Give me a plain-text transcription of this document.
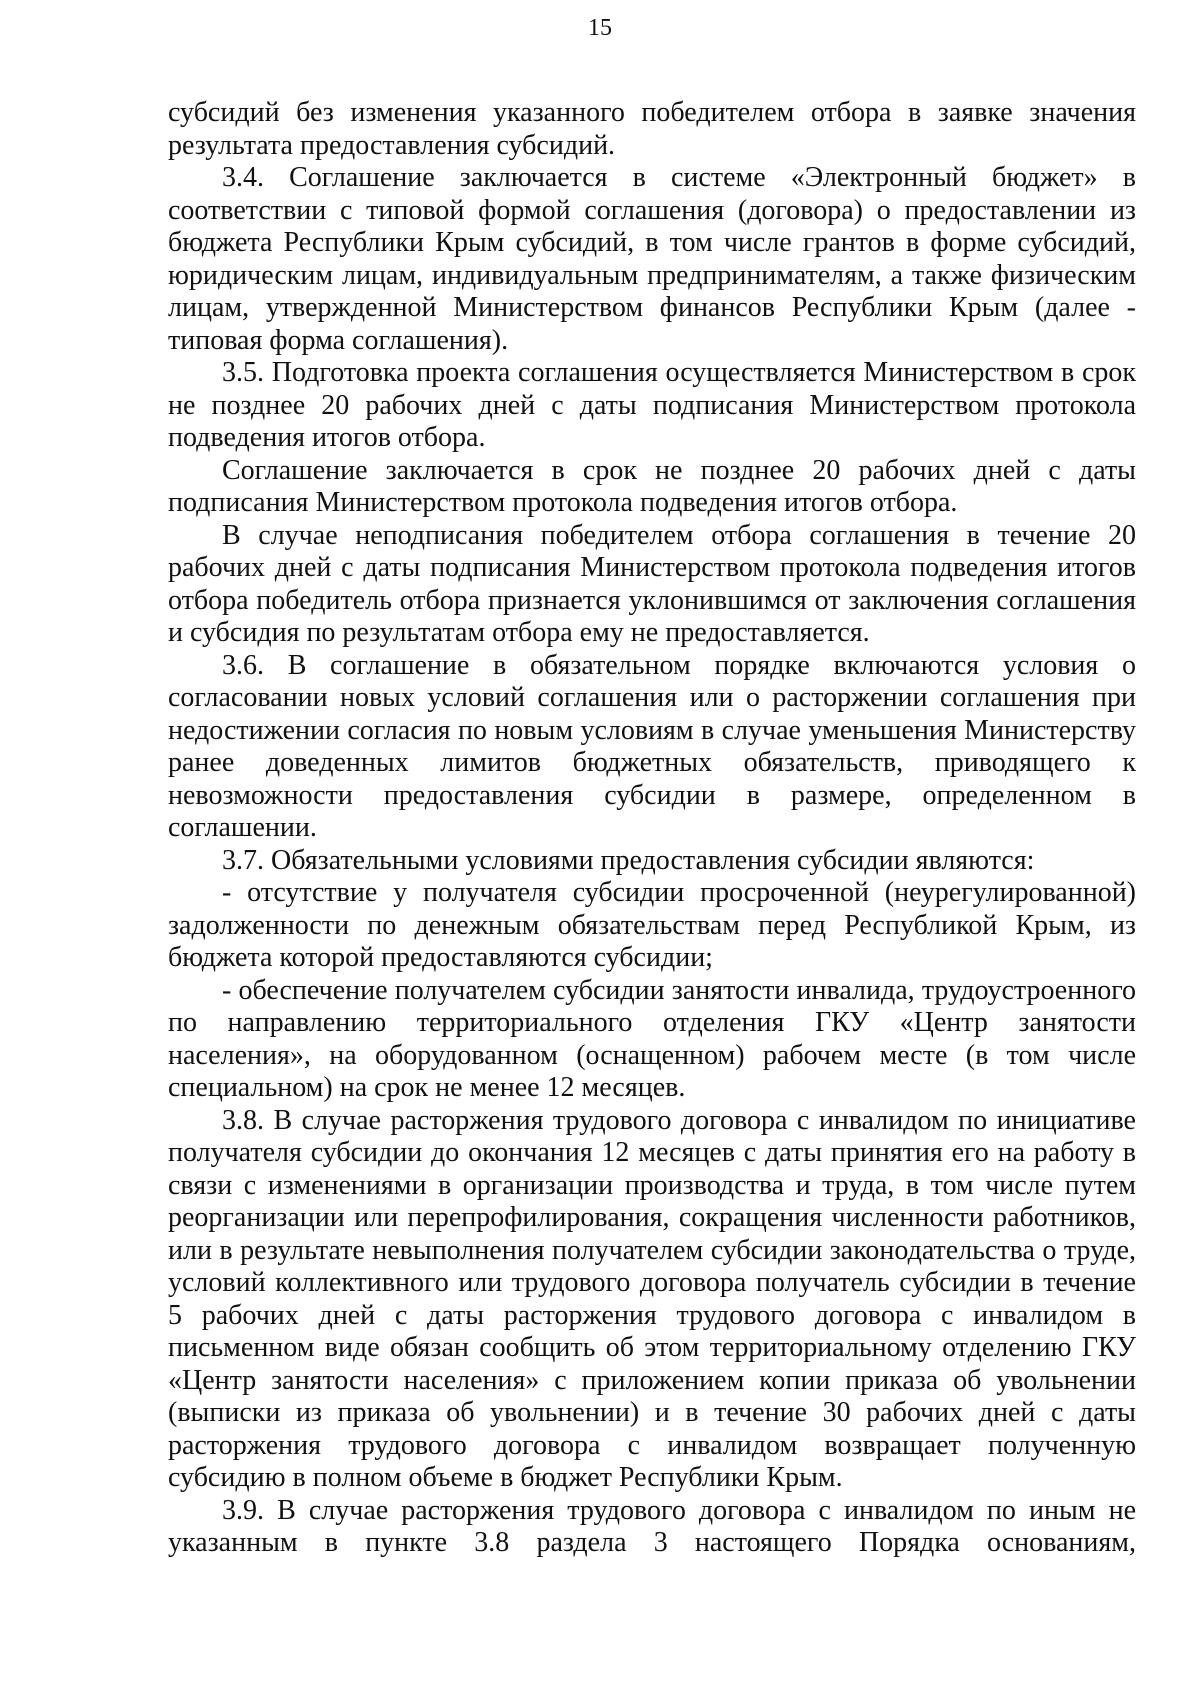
15

субсидий без изменения указанного победителем отбора в заявке значения результата предоставления субсидий.

3.4. Соглашение заключается в системе «Электронный бюджет» в соответствии с типовой формой соглашения (договора) о предоставлении из бюджета Республики Крым субсидий, в том числе грантов в форме субсидий, юридическим лицам, индивидуальным предпринимателям, а также физическим лицам, утвержденной Министерством финансов Республики Крым (далее - типовая форма соглашения).

3.5. Подготовка проекта соглашения осуществляется Министерством в срок не позднее 20 рабочих дней с даты подписания Министерством протокола подведения итогов отбора.

Соглашение заключается в срок не позднее 20 рабочих дней с даты подписания Министерством протокола подведения итогов отбора.

В случае неподписания победителем отбора соглашения в течение 20 рабочих дней с даты подписания Министерством протокола подведения итогов отбора победитель отбора признается уклонившимся от заключения соглашения и субсидия по результатам отбора ему не предоставляется.

3.6. В соглашение в обязательном порядке включаются условия о согласовании новых условий соглашения или о расторжении соглашения при недостижении согласия по новым условиям в случае уменьшения Министерству ранее доведенных лимитов бюджетных обязательств, приводящего к невозможности предоставления субсидии в размере, определенном в соглашении.

3.7. Обязательными условиями предоставления субсидии являются:

- отсутствие у получателя субсидии просроченной (неурегулированной) задолженности по денежным обязательствам перед Республикой Крым, из бюджета которой предоставляются субсидии;

- обеспечение получателем субсидии занятости инвалида, трудоустроенного по направлению территориального отделения ГКУ «Центр занятости населения», на оборудованном (оснащенном) рабочем месте (в том числе специальном) на срок не менее 12 месяцев.

3.8. В случае расторжения трудового договора с инвалидом по инициативе получателя субсидии до окончания 12 месяцев с даты принятия его на работу в связи с изменениями в организации производства и труда, в том числе путем реорганизации или перепрофилирования, сокращения численности работников, или в результате невыполнения получателем субсидии законодательства о труде, условий коллективного или трудового договора получатель субсидии в течение 5 рабочих дней с даты расторжения трудового договора с инвалидом в письменном виде обязан сообщить об этом территориальному отделению ГКУ «Центр занятости населения» с приложением копии приказа об увольнении (выписки из приказа об увольнении) и в течение 30 рабочих дней с даты расторжения трудового договора с инвалидом возвращает полученную субсидию в полном объеме в бюджет Республики Крым.

3.9. В случае расторжения трудового договора с инвалидом по иным не указанным в пункте 3.8 раздела 3 настоящего Порядка основаниям,
